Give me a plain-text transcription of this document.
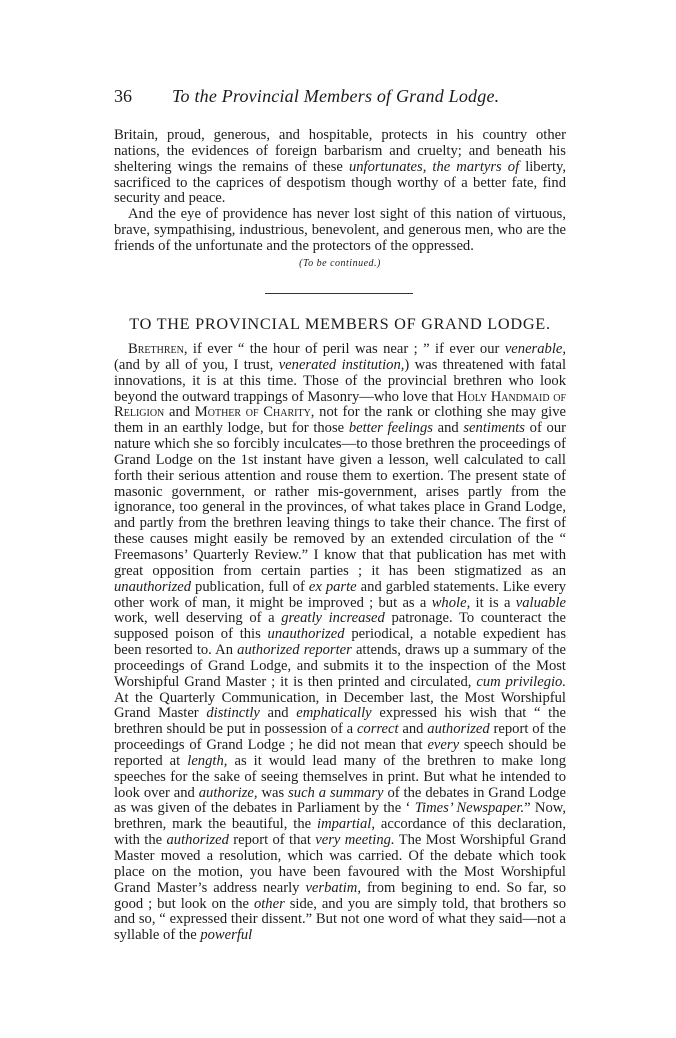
36 To the Provincial Members of Grand Lodge.

Britain, proud, generous, and hospitable, protects in his country other nations, the evidences of foreign barbarism and cruelty; and beneath his sheltering wings the remains of these unfortunates, the martyrs of liberty, sacrificed to the caprices of despotism though worthy of a better fate, find security and peace.

And the eye of providence has never lost sight of this nation of virtuous, brave, sympathising, industrious, benevolent, and generous men, who are the friends of the unfortunate and the protectors of the oppressed.

(To be continued.)
TO THE PROVINCIAL MEMBERS OF GRAND LODGE.

Brethren, if ever “ the hour of peril was near ; ” if ever our venerable, (and by all of you, I trust, venerated institution,) was threatened with fatal innovations, it is at this time. Those of the provincial brethren who look beyond the outward trappings of Masonry—who love that Holy Handmaid of Religion and Mother of Charity, not for the rank or clothing she may give them in an earthly lodge, but for those better feelings and sentiments of our nature which she so forcibly inculcates—to those brethren the proceedings of Grand Lodge on the 1st instant have given a lesson, well calculated to call forth their serious attention and rouse them to exertion. The present state of masonic government, or rather mis-government, arises partly from the ignorance, too general in the provinces, of what takes place in Grand Lodge, and partly from the brethren leaving things to take their chance. The first of these causes might easily be removed by an extended circulation of the “ Freemasons’ Quarterly Review.” I know that that publication has met with great opposition from certain parties ; it has been stigmatized as an unauthorized publication, full of ex parte and garbled statements. Like every other work of man, it might be improved ; but as a whole, it is a valuable work, well deserving of a greatly increased patronage. To counteract the supposed poison of this unauthorized periodical, a notable expedient has been resorted to. An authorized reporter attends, draws up a summary of the proceedings of Grand Lodge, and submits it to the inspection of the Most Worshipful Grand Master ; it is then printed and circulated, cum privilegio. At the Quarterly Communication, in December last, the Most Worshipful Grand Master distinctly and emphatically expressed his wish that “ the brethren should be put in possession of a correct and authorized report of the proceedings of Grand Lodge ; he did not mean that every speech should be reported at length, as it would lead many of the brethren to make long speeches for the sake of seeing themselves in print. But what he intended to look over and authorize, was such a summary of the debates in Grand Lodge as was given of the debates in Parliament by the ‘ Times’ Newspaper.” Now, brethren, mark the beautiful, the impartial, accordance of this declaration, with the authorized report of that very meeting. The Most Worshipful Grand Master moved a resolution, which was carried. Of the debate which took place on the motion, you have been favoured with the Most Worshipful Grand Master’s address nearly verbatim, from begining to end. So far, so good ; but look on the other side, and you are simply told, that brothers so and so, “ expressed their dissent.” But not one word of what they said—not a syllable of the powerful
